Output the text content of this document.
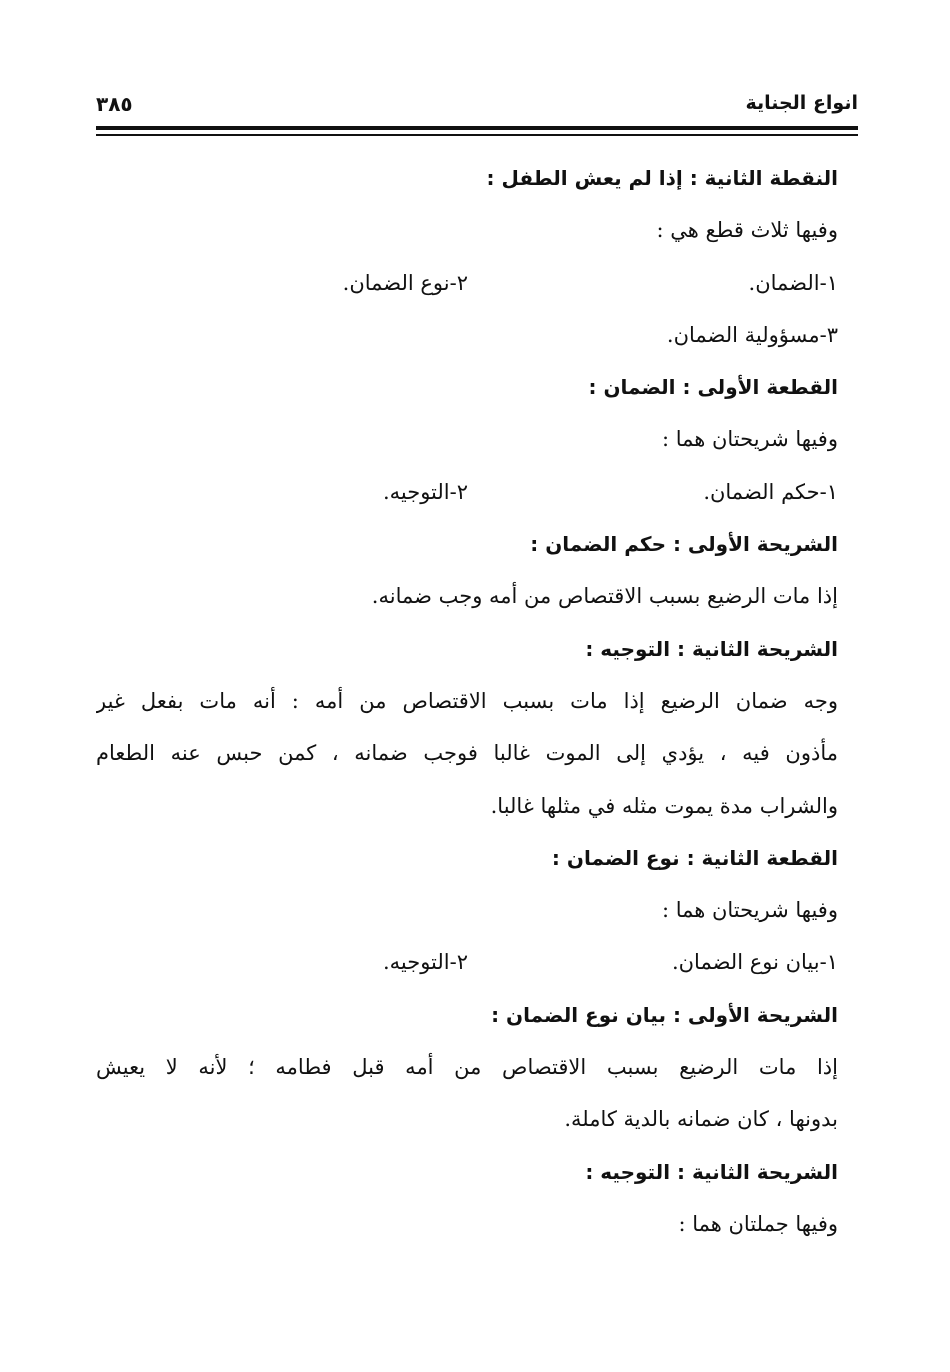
انواع الجناية
٣٨٥
النقطة الثانية : إذا لم يعش الطفل :
وفيها ثلاث قطع هي :
١-الضمان.
٢-نوع الضمان.
٣-مسؤولية الضمان.
القطعة الأولى : الضمان :
وفيها شريحتان هما :
١-حكم الضمان.
٢-التوجيه.
الشريحة الأولى : حكم الضمان :
إذا مات الرضيع بسبب الاقتصاص من أمه وجب ضمانه.
الشريحة الثانية : التوجيه :
وجه ضمان الرضيع إذا مات بسبب الاقتصاص من أمه : أنه مات بفعل غير
مأذون فيه ، يؤدي إلى الموت غالبا فوجب ضمانه ، كمن حبس عنه الطعام
والشراب مدة يموت مثله في مثلها غالبا.
القطعة الثانية : نوع الضمان :
وفيها شريحتان هما :
١-بيان نوع الضمان.
٢-التوجيه.
الشريحة الأولى : بيان نوع الضمان :
إذا مات الرضيع بسبب الاقتصاص من أمه قبل فطامه ؛ لأنه لا يعيش
بدونها ، كان ضمانه بالدية كاملة.
الشريحة الثانية : التوجيه :
وفيها جملتان هما :
